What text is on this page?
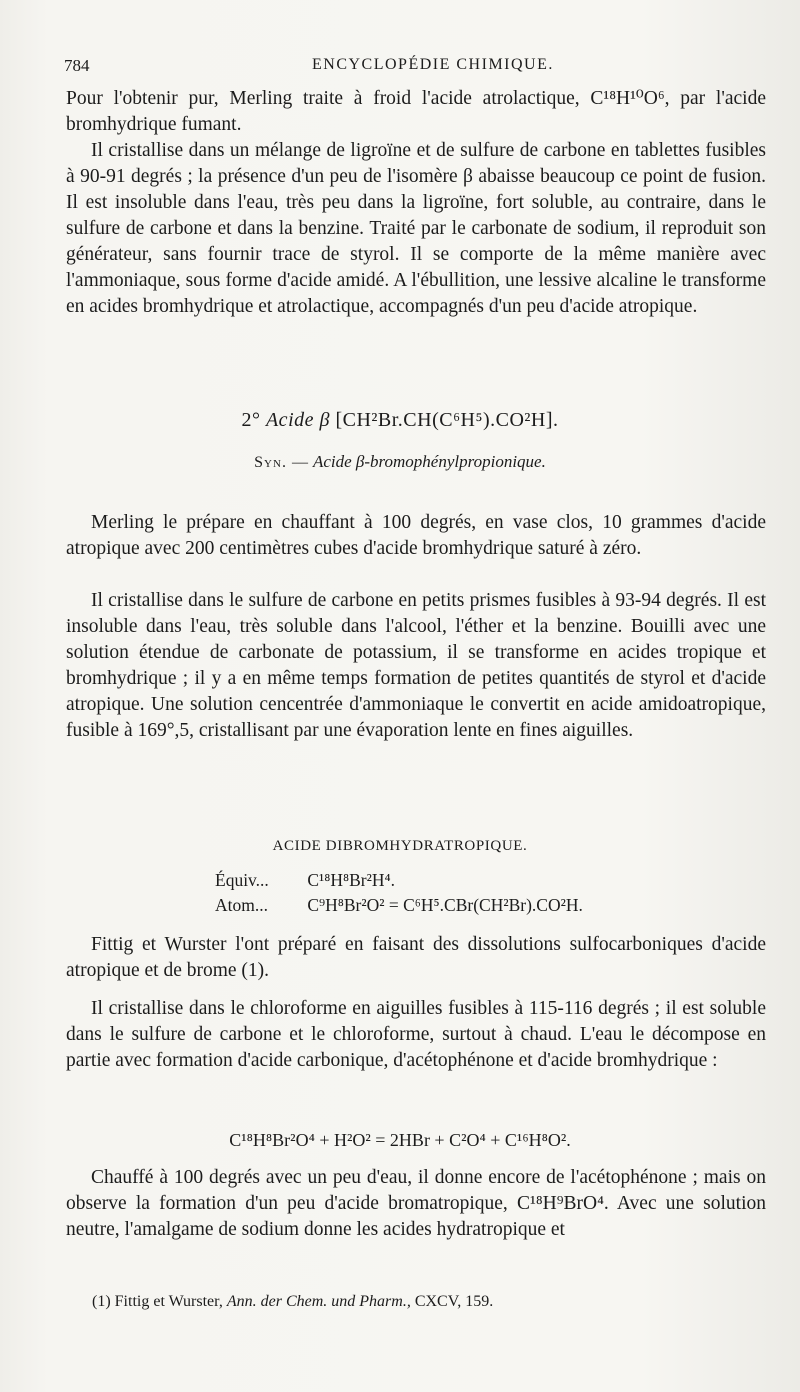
784	ENCYCLOPÉDIE CHIMIQUE.
Pour l'obtenir pur, Merling traite à froid l'acide atrolactique, C¹⁸H¹⁰O⁶, par l'acide bromhydrique fumant.
Il cristallise dans un mélange de ligroïne et de sulfure de carbone en tablettes fusibles à 90-91 degrés ; la présence d'un peu de l'isomère β abaisse beaucoup ce point de fusion. Il est insoluble dans l'eau, très peu dans la ligroïne, fort soluble, au contraire, dans le sulfure de carbone et dans la benzine. Traité par le carbonate de sodium, il reproduit son générateur, sans fournir trace de styrol. Il se comporte de la même manière avec l'ammoniaque, sous forme d'acide amidé. A l'ébullition, une lessive alcaline le transforme en acides bromhydrique et atrolactique, accompagnés d'un peu d'acide atropique.
2° Acide β [CH²Br.CH(C⁶H⁵).CO²H].
Syn. — Acide β-bromophénylpropionique.
Merling le prépare en chauffant à 100 degrés, en vase clos, 10 grammes d'acide atropique avec 200 centimètres cubes d'acide bromhydrique saturé à zéro.
Il cristallise dans le sulfure de carbone en petits prismes fusibles à 93-94 degrés. Il est insoluble dans l'eau, très soluble dans l'alcool, l'éther et la benzine. Bouilli avec une solution étendue de carbonate de potassium, il se transforme en acides tropique et bromhydrique ; il y a en même temps formation de petites quantités de styrol et d'acide atropique. Une solution cencentrée d'ammoniaque le convertit en acide amidoatropique, fusible à 169°,5, cristallisant par une évaporation lente en fines aiguilles.
ACIDE DIBROMHYDRATROPIQUE.
Équiv... C¹⁸H⁸Br²H⁴.
Atom... C⁹H⁸Br²O² = C⁶H⁵.CBr(CH²Br).CO²H.
Fittig et Wurster l'ont préparé en faisant des dissolutions sulfocarboniques d'acide atropique et de brome (1).
Il cristallise dans le chloroforme en aiguilles fusibles à 115-116 degrés ; il est soluble dans le sulfure de carbone et le chloroforme, surtout à chaud. L'eau le décompose en partie avec formation d'acide carbonique, d'acétophénone et d'acide bromhydrique :
C¹⁸H⁸Br²O⁴ + H²O² = 2HBr + C²O⁴ + C¹⁶H⁸O².
Chauffé à 100 degrés avec un peu d'eau, il donne encore de l'acétophénone ; mais on observe la formation d'un peu d'acide bromatropique, C¹⁸H⁹BrO⁴. Avec une solution neutre, l'amalgame de sodium donne les acides hydratropique et
(1) Fittig et Wurster, Ann. der Chem. und Pharm., CXCV, 159.
